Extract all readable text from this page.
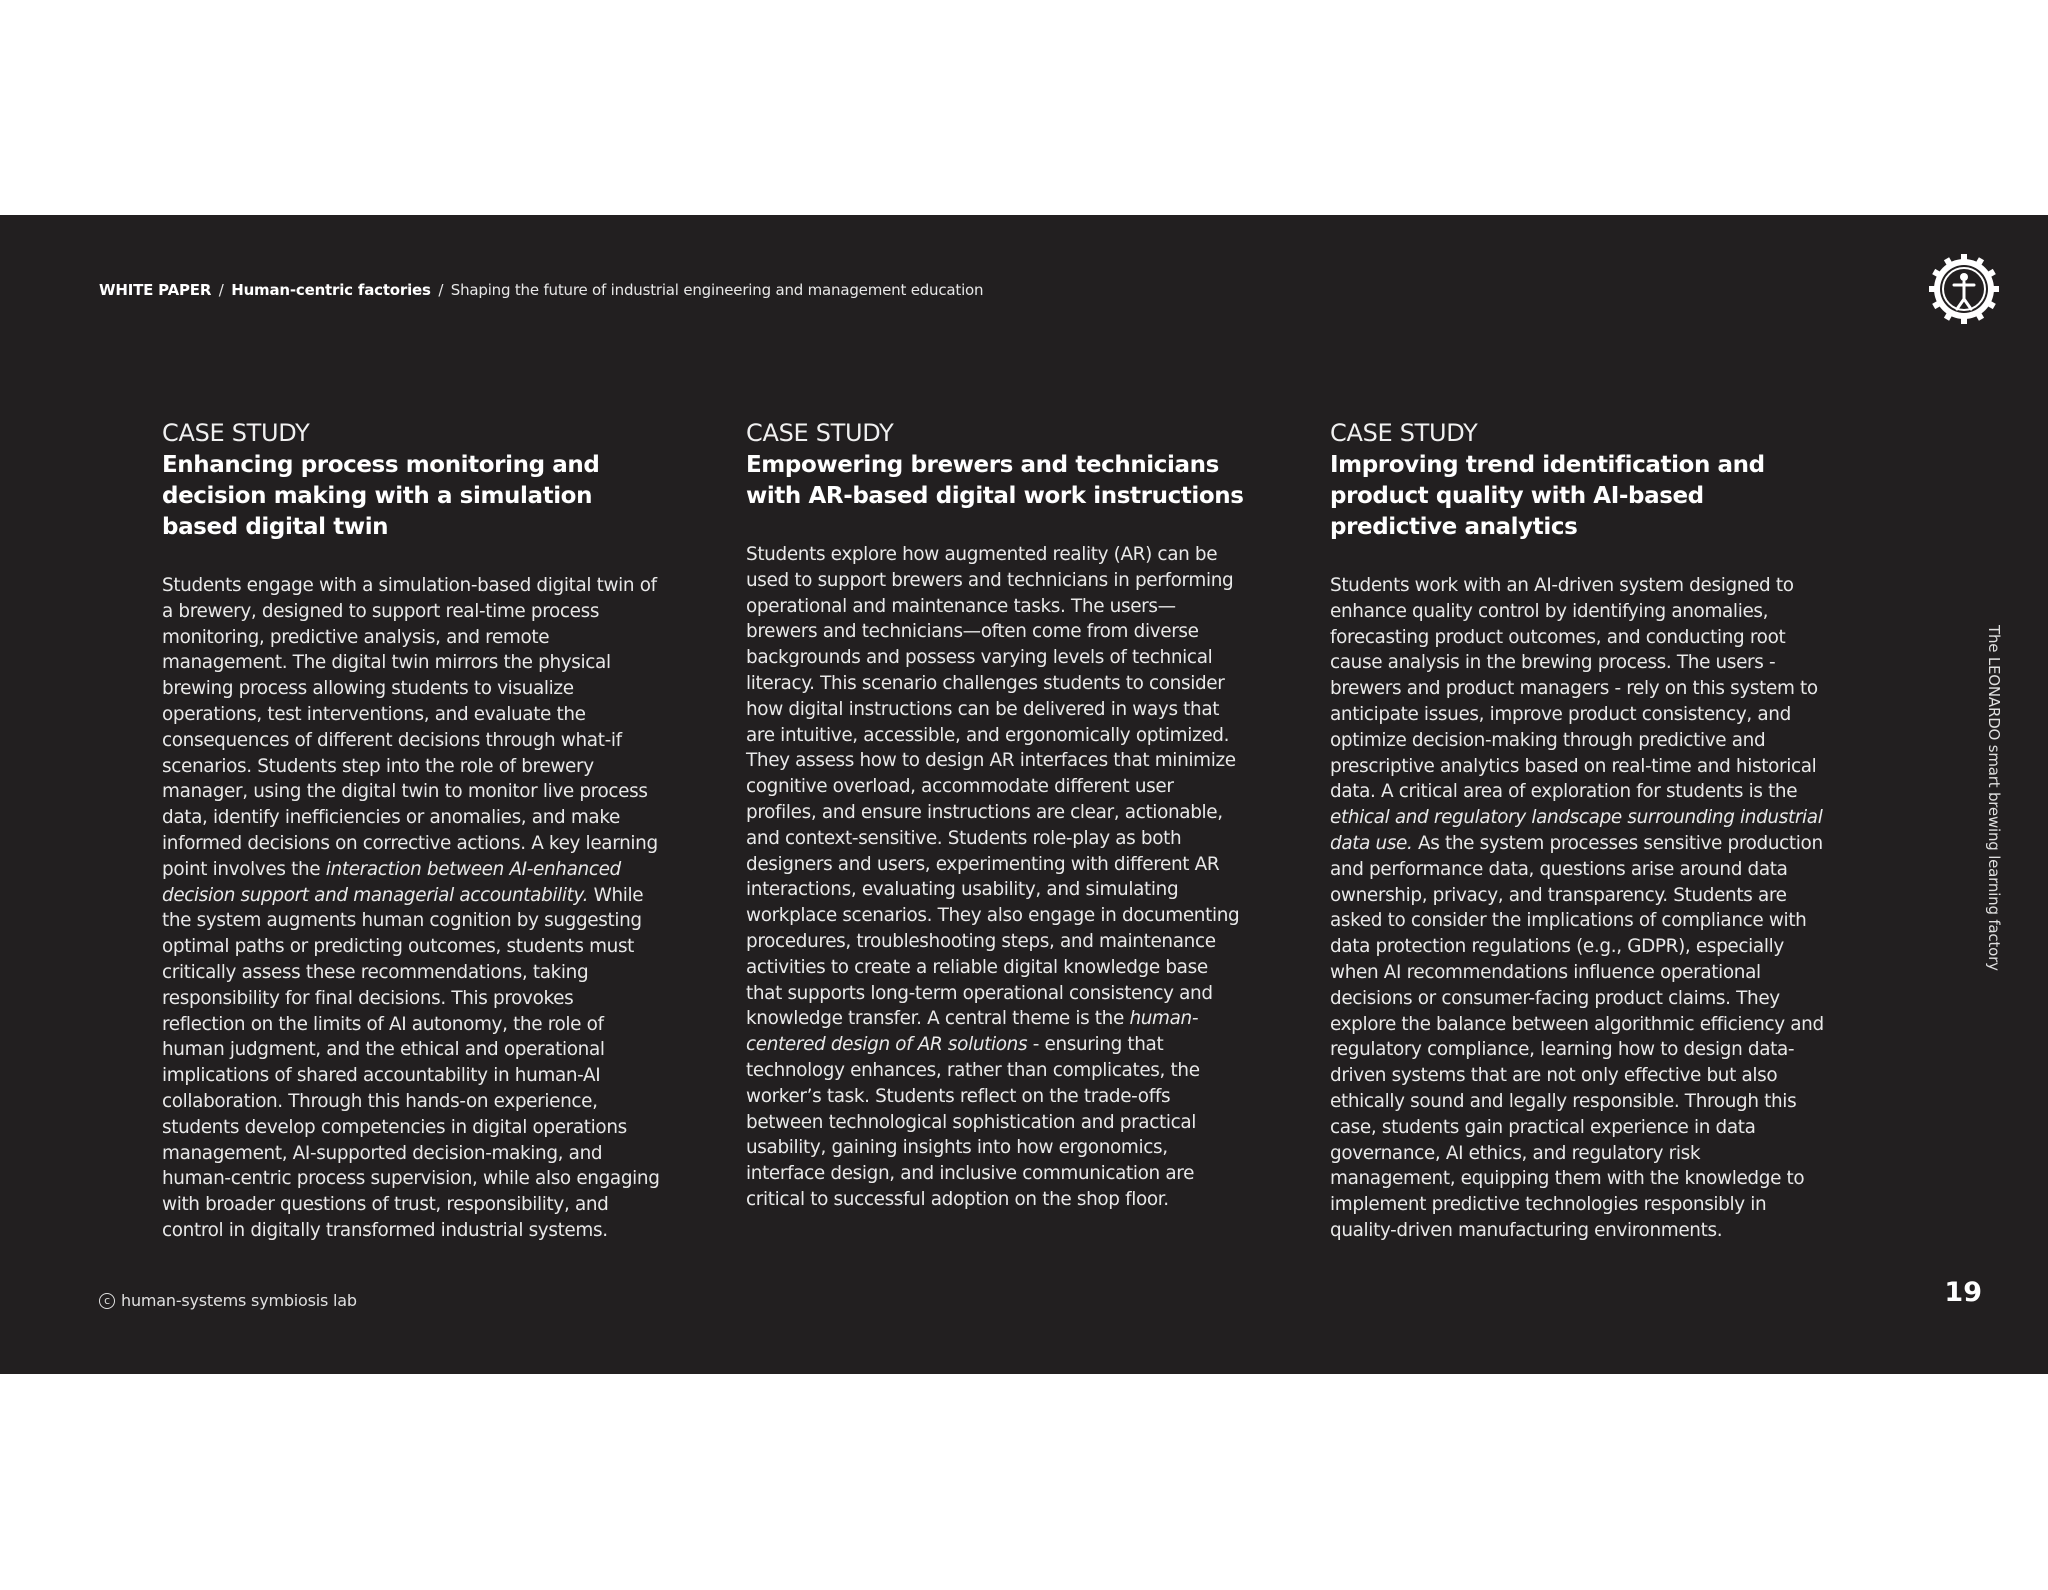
WHITE PAPER / Human-centric factories / Shaping the future of industrial engineering and management education
CASE STUDY
Enhancing process monitoring and decision making with a simulation based digital twin
Students engage with a simulation-based digital twin of a brewery, designed to support real-time process monitoring, predictive analysis, and remote management. The digital twin mirrors the physical brewing process allowing students to visualize operations, test interventions, and evaluate the consequences of different decisions through what-if scenarios. Students step into the role of brewery manager, using the digital twin to monitor live process data, identify inefficiencies or anomalies, and make informed decisions on corrective actions. A key learning point involves the interaction between AI-enhanced decision support and managerial accountability. While the system augments human cognition by suggesting optimal paths or predicting outcomes, students must critically assess these recommendations, taking responsibility for final decisions. This provokes reflection on the limits of AI autonomy, the role of human judgment, and the ethical and operational implications of shared accountability in human-AI collaboration. Through this hands-on experience, students develop competencies in digital operations management, AI-supported decision-making, and human-centric process supervision, while also engaging with broader questions of trust, responsibility, and control in digitally transformed industrial systems.
CASE STUDY
Empowering brewers and technicians with AR-based digital work instructions
Students explore how augmented reality (AR) can be used to support brewers and technicians in performing operational and maintenance tasks. The users—brewers and technicians—often come from diverse backgrounds and possess varying levels of technical literacy. This scenario challenges students to consider how digital instructions can be delivered in ways that are intuitive, accessible, and ergonomically optimized. They assess how to design AR interfaces that minimize cognitive overload, accommodate different user profiles, and ensure instructions are clear, actionable, and context-sensitive. Students role-play as both designers and users, experimenting with different AR interactions, evaluating usability, and simulating workplace scenarios. They also engage in documenting procedures, troubleshooting steps, and maintenance activities to create a reliable digital knowledge base that supports long-term operational consistency and knowledge transfer. A central theme is the human-centered design of AR solutions - ensuring that technology enhances, rather than complicates, the worker’s task. Students reflect on the trade-offs between technological sophistication and practical usability, gaining insights into how ergonomics, interface design, and inclusive communication are critical to successful adoption on the shop floor.
CASE STUDY
Improving trend identification and product quality with AI-based predictive analytics
Students work with an AI-driven system designed to enhance quality control by identifying anomalies, forecasting product outcomes, and conducting root cause analysis in the brewing process. The users - brewers and product managers - rely on this system to anticipate issues, improve product consistency, and optimize decision-making through predictive and prescriptive analytics based on real-time and historical data. A critical area of exploration for students is the ethical and regulatory landscape surrounding industrial data use. As the system processes sensitive production and performance data, questions arise around data ownership, privacy, and transparency. Students are asked to consider the implications of compliance with data protection regulations (e.g., GDPR), especially when AI recommendations influence operational decisions or consumer-facing product claims. They explore the balance between algorithmic efficiency and regulatory compliance, learning how to design data-driven systems that are not only effective but also ethically sound and legally responsible. Through this case, students gain practical experience in data governance, AI ethics, and regulatory risk management, equipping them with the knowledge to implement predictive technologies responsibly in quality-driven manufacturing environments.
The LEONARDO smart brewing learning factory
c human-systems symbiosis lab	19
